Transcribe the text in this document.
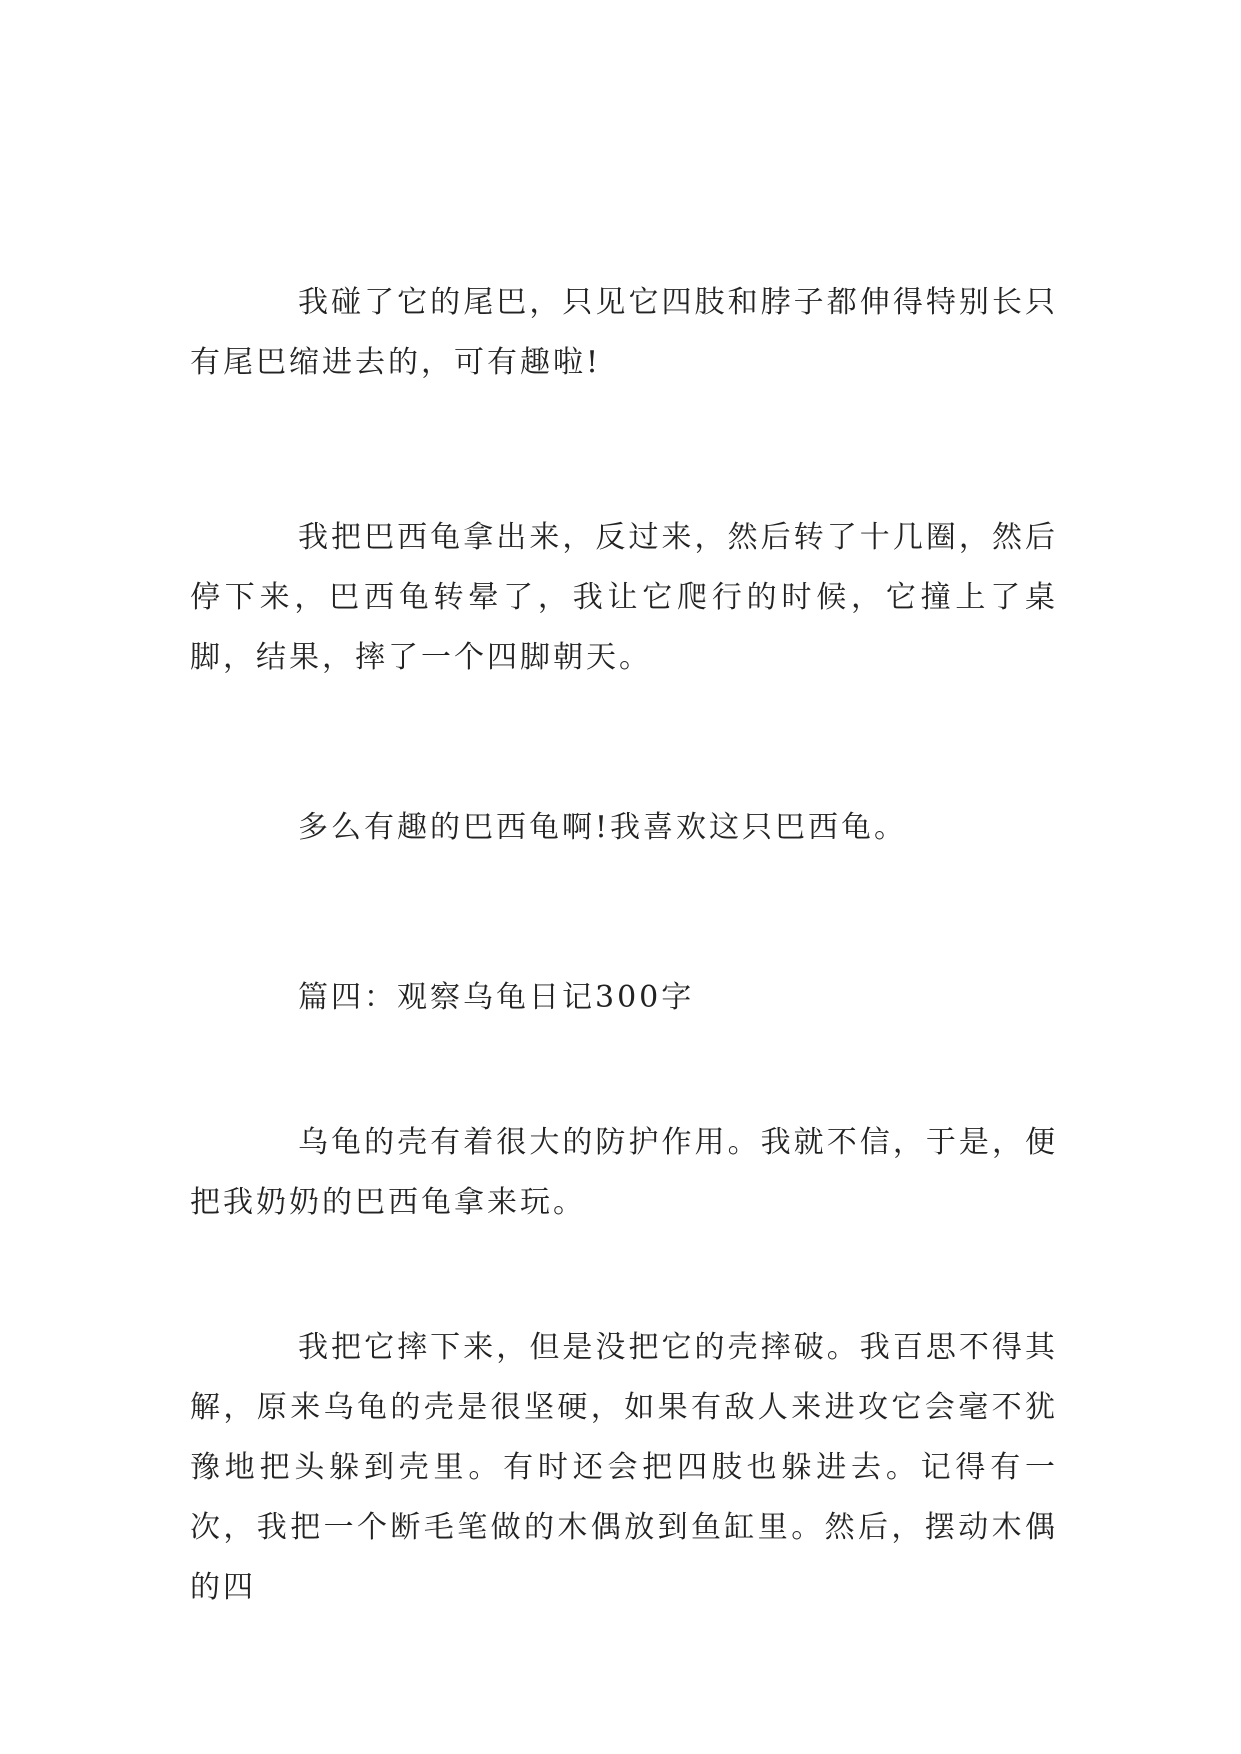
我碰了它的尾巴，只见它四肢和脖子都伸得特别长只有尾巴缩进去的，可有趣啦!

我把巴西龟拿出来，反过来，然后转了十几圈，然后停下来，巴西龟转晕了，我让它爬行的时候，它撞上了桌脚，结果，摔了一个四脚朝天。

多么有趣的巴西龟啊!我喜欢这只巴西龟。

篇四：观察乌龟日记300字

乌龟的壳有着很大的防护作用。我就不信，于是，便把我奶奶的巴西龟拿来玩。

我把它摔下来，但是没把它的壳摔破。我百思不得其解，原来乌龟的壳是很坚硬，如果有敌人来进攻它会毫不犹豫地把头躲到壳里。有时还会把四肢也躲进去。记得有一次，我把一个断毛笔做的木偶放到鱼缸里。然后，摆动木偶的四
